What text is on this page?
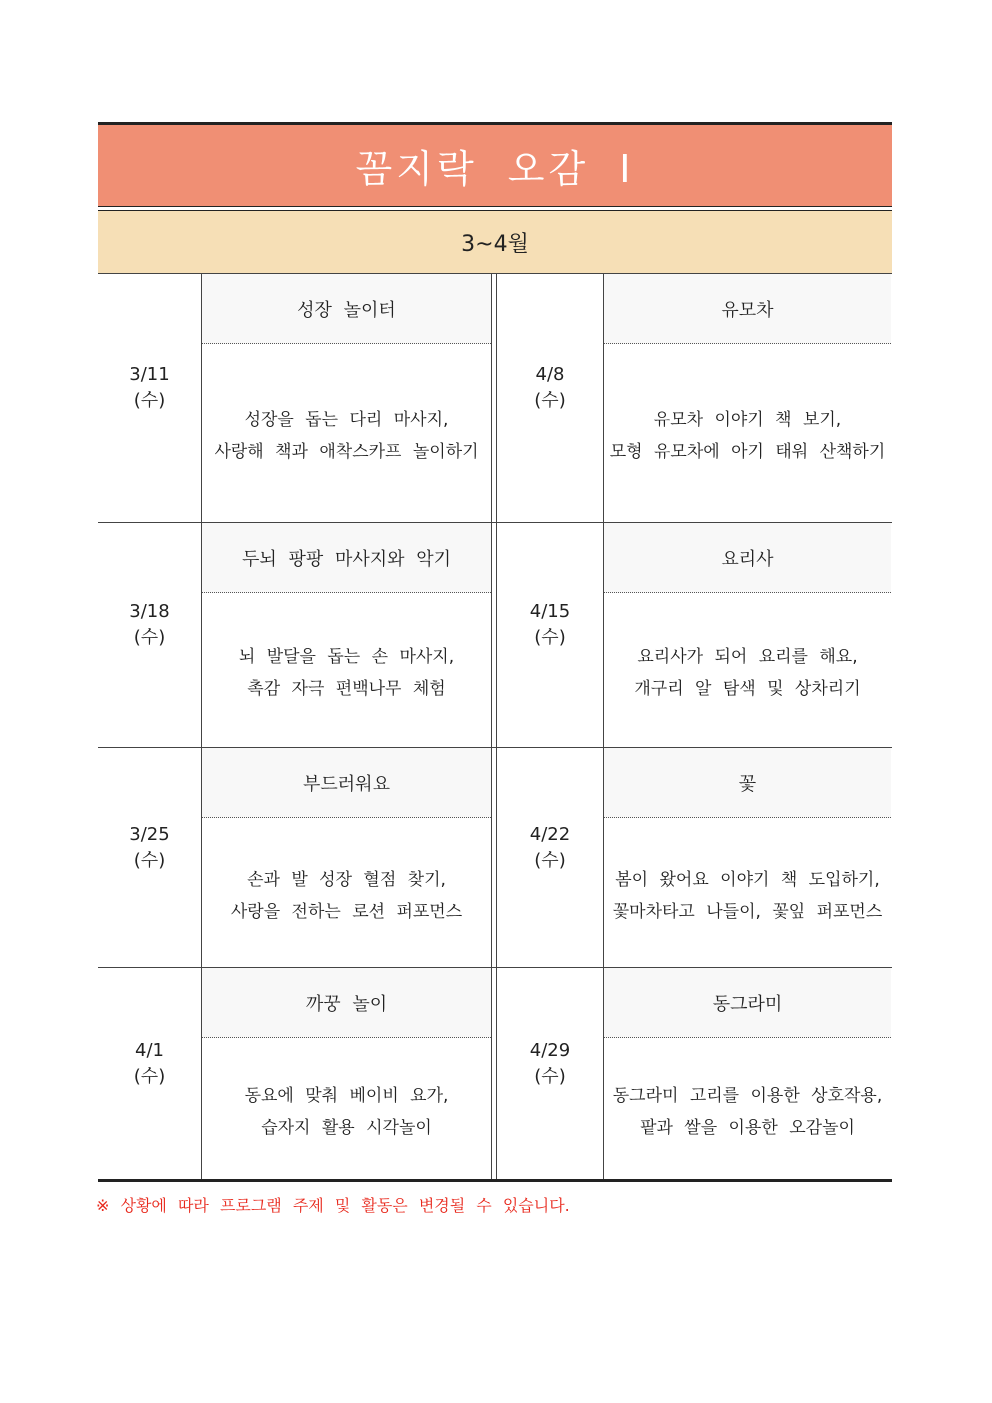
꼼지락 오감 I
3~4월
3/11
(수)
성장 놀이터
성장을 돕는 다리 마사지,
사랑해 책과 애착스카프 놀이하기
4/8
(수)
유모차
유모차 이야기 책 보기,
모형 유모차에 아기 태워 산책하기
3/18
(수)
두뇌 팡팡 마사지와 악기
뇌 발달을 돕는 손 마사지,
촉감 자극 편백나무 체험
4/15
(수)
요리사
요리사가 되어 요리를 해요,
개구리 알 탐색 및 상차리기
3/25
(수)
부드러워요
손과 발 성장 혈점 찾기,
사랑을 전하는 로션 퍼포먼스
4/22
(수)
꽃
봄이 왔어요 이야기 책 도입하기,
꽃마차타고 나들이, 꽃잎 퍼포먼스
4/1
(수)
까꿍 놀이
동요에 맞춰 베이비 요가,
습자지 활용 시각놀이
4/29
(수)
동그라미
동그라미 고리를 이용한 상호작용,
팥과 쌀을 이용한 오감놀이
※ 상황에 따라 프로그램 주제 및 활동은 변경될 수 있습니다.
